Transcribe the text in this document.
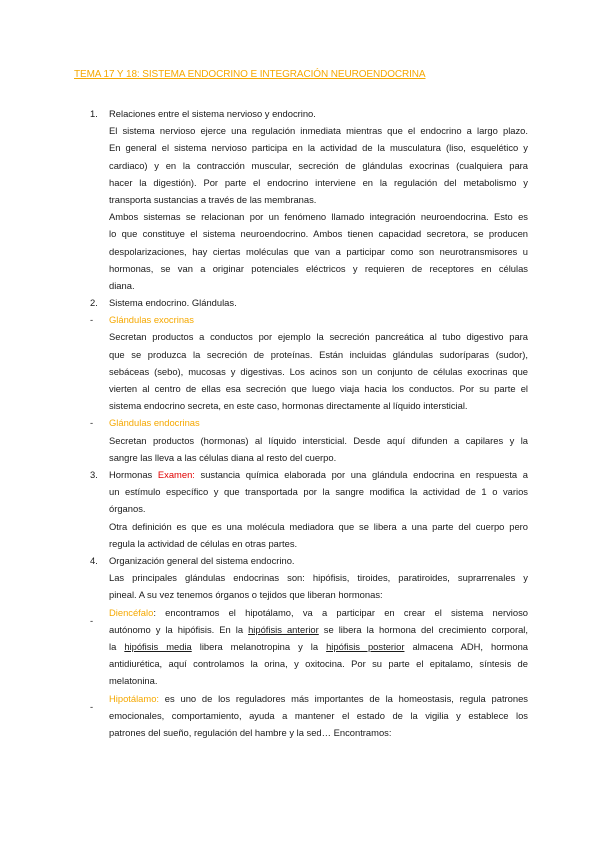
TEMA 17 Y 18: SISTEMA ENDOCRINO E INTEGRACIÓN NEUROENDOCRINA
1. Relaciones entre el sistema nervioso y endocrino.
El sistema nervioso ejerce una regulación inmediata mientras que el endocrino a largo plazo.
En general el sistema nervioso participa en la actividad de la musculatura (liso, esquelético y
cardiaco) y en la contracción muscular, secreción de glándulas exocrinas (cualquiera para
hacer la digestión). Por parte el endocrino interviene en la regulación del metabolismo y
transporta sustancias a través de las membranas.
Ambos sistemas se relacionan por un fenómeno llamado integración neuroendocrina. Esto es
lo que constituye el sistema neuroendocrino. Ambos tienen capacidad secretora, se producen
despolarizaciones, hay ciertas moléculas que van a participar como son neurotransmisores u
hormonas, se van a originar potenciales eléctricos y requieren de receptores en células
diana.
2. Sistema endocrino. Glándulas.
Glándulas exocrinas
Secretan productos a conductos por ejemplo la secreción pancreática al tubo digestivo para
que se produzca la secreción de proteínas. Están incluidas glándulas sudoríparas (sudor),
sebáceas (sebo), mucosas y digestivas. Los acinos son un conjunto de células exocrinas que
vierten al centro de ellas esa secreción que luego viaja hacia los conductos. Por su parte el
sistema endocrino secreta, en este caso, hormonas directamente al líquido intersticial.
Glándulas endocrinas
Secretan productos (hormonas) al líquido intersticial. Desde aquí difunden a capilares y la
sangre las lleva a las células diana al resto del cuerpo.
-
-
3. Hormonas Examen: sustancia química elaborada por una glándula endocrina en respuesta a
un estímulo específico y que transportada por la sangre modifica la actividad de 1 o varios
órganos.
Otra definición es que es una molécula mediadora que se libera a una parte del cuerpo pero
regula la actividad de células en otras partes.
4. Organización general del sistema endocrino.
Las principales glándulas endocrinas son: hipófisis, tiroides, paratiroides, suprarrenales y
pineal. A su vez tenemos órganos o tejidos que liberan hormonas:
Diencéfalo: encontramos el hipotálamo, va a participar en crear el sistema nervioso
autónomo y la hipófisis. En la hipófisis anterior se libera la hormona del crecimiento corporal,
la hipófisis media libera melanotropina y la hipófisis posterior almacena ADH, hormona
antidiurética, aquí controlamos la orina, y oxitocina. Por su parte el epitalamo, síntesis de
melatonina.
Hipotálamo: es uno de los reguladores más importantes de la homeostasis, regula patrones
emocionales, comportamiento, ayuda a mantener el estado de la vigilia y establece los
patrones del sueño, regulación del hambre y la sed… Encontramos:
-
-
